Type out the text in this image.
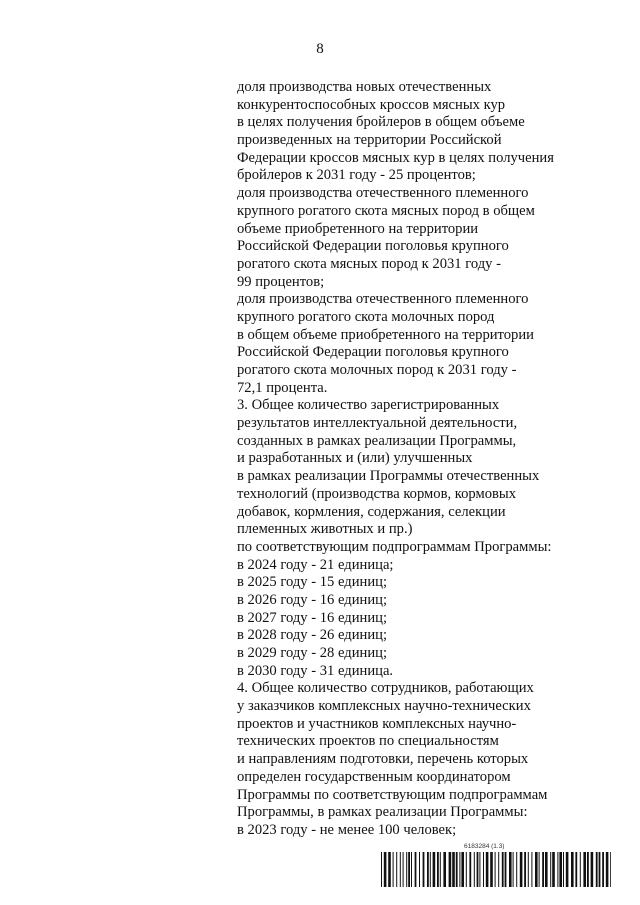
8
доля производства новых отечественных
конкурентоспособных кроссов мясных кур
в целях получения бройлеров в общем объеме
произведенных на территории Российской
Федерации кроссов мясных кур в целях получения
бройлеров к 2031 году - 25 процентов;
доля производства отечественного племенного
крупного рогатого скота мясных пород в общем
объеме приобретенного на территории
Российской Федерации поголовья крупного
рогатого скота мясных пород к 2031 году -
99 процентов;
доля производства отечественного племенного
крупного рогатого скота молочных пород
в общем объеме приобретенного на территории
Российской Федерации поголовья крупного
рогатого скота молочных пород к 2031 году -
72,1 процента.
3. Общее количество зарегистрированных
результатов интеллектуальной деятельности,
созданных в рамках реализации Программы,
и разработанных и (или) улучшенных
в рамках реализации Программы отечественных
технологий (производства кормов, кормовых
добавок, кормления, содержания, селекции
племенных животных и пр.)
по соответствующим подпрограммам Программы:
в 2024 году - 21 единица;
в 2025 году - 15 единиц;
в 2026 году - 16 единиц;
в 2027 году - 16 единиц;
в 2028 году - 26 единиц;
в 2029 году - 28 единиц;
в 2030 году - 31 единица.
4. Общее количество сотрудников, работающих
у заказчиков комплексных научно-технических
проектов и участников комплексных научно-
технических проектов по специальностям
и направлениям подготовки, перечень которых
определен государственным координатором
Программы по соответствующим подпрограммам
Программы, в рамках реализации Программы:
в 2023 году - не менее 100 человек;
6183284 (1.3)
